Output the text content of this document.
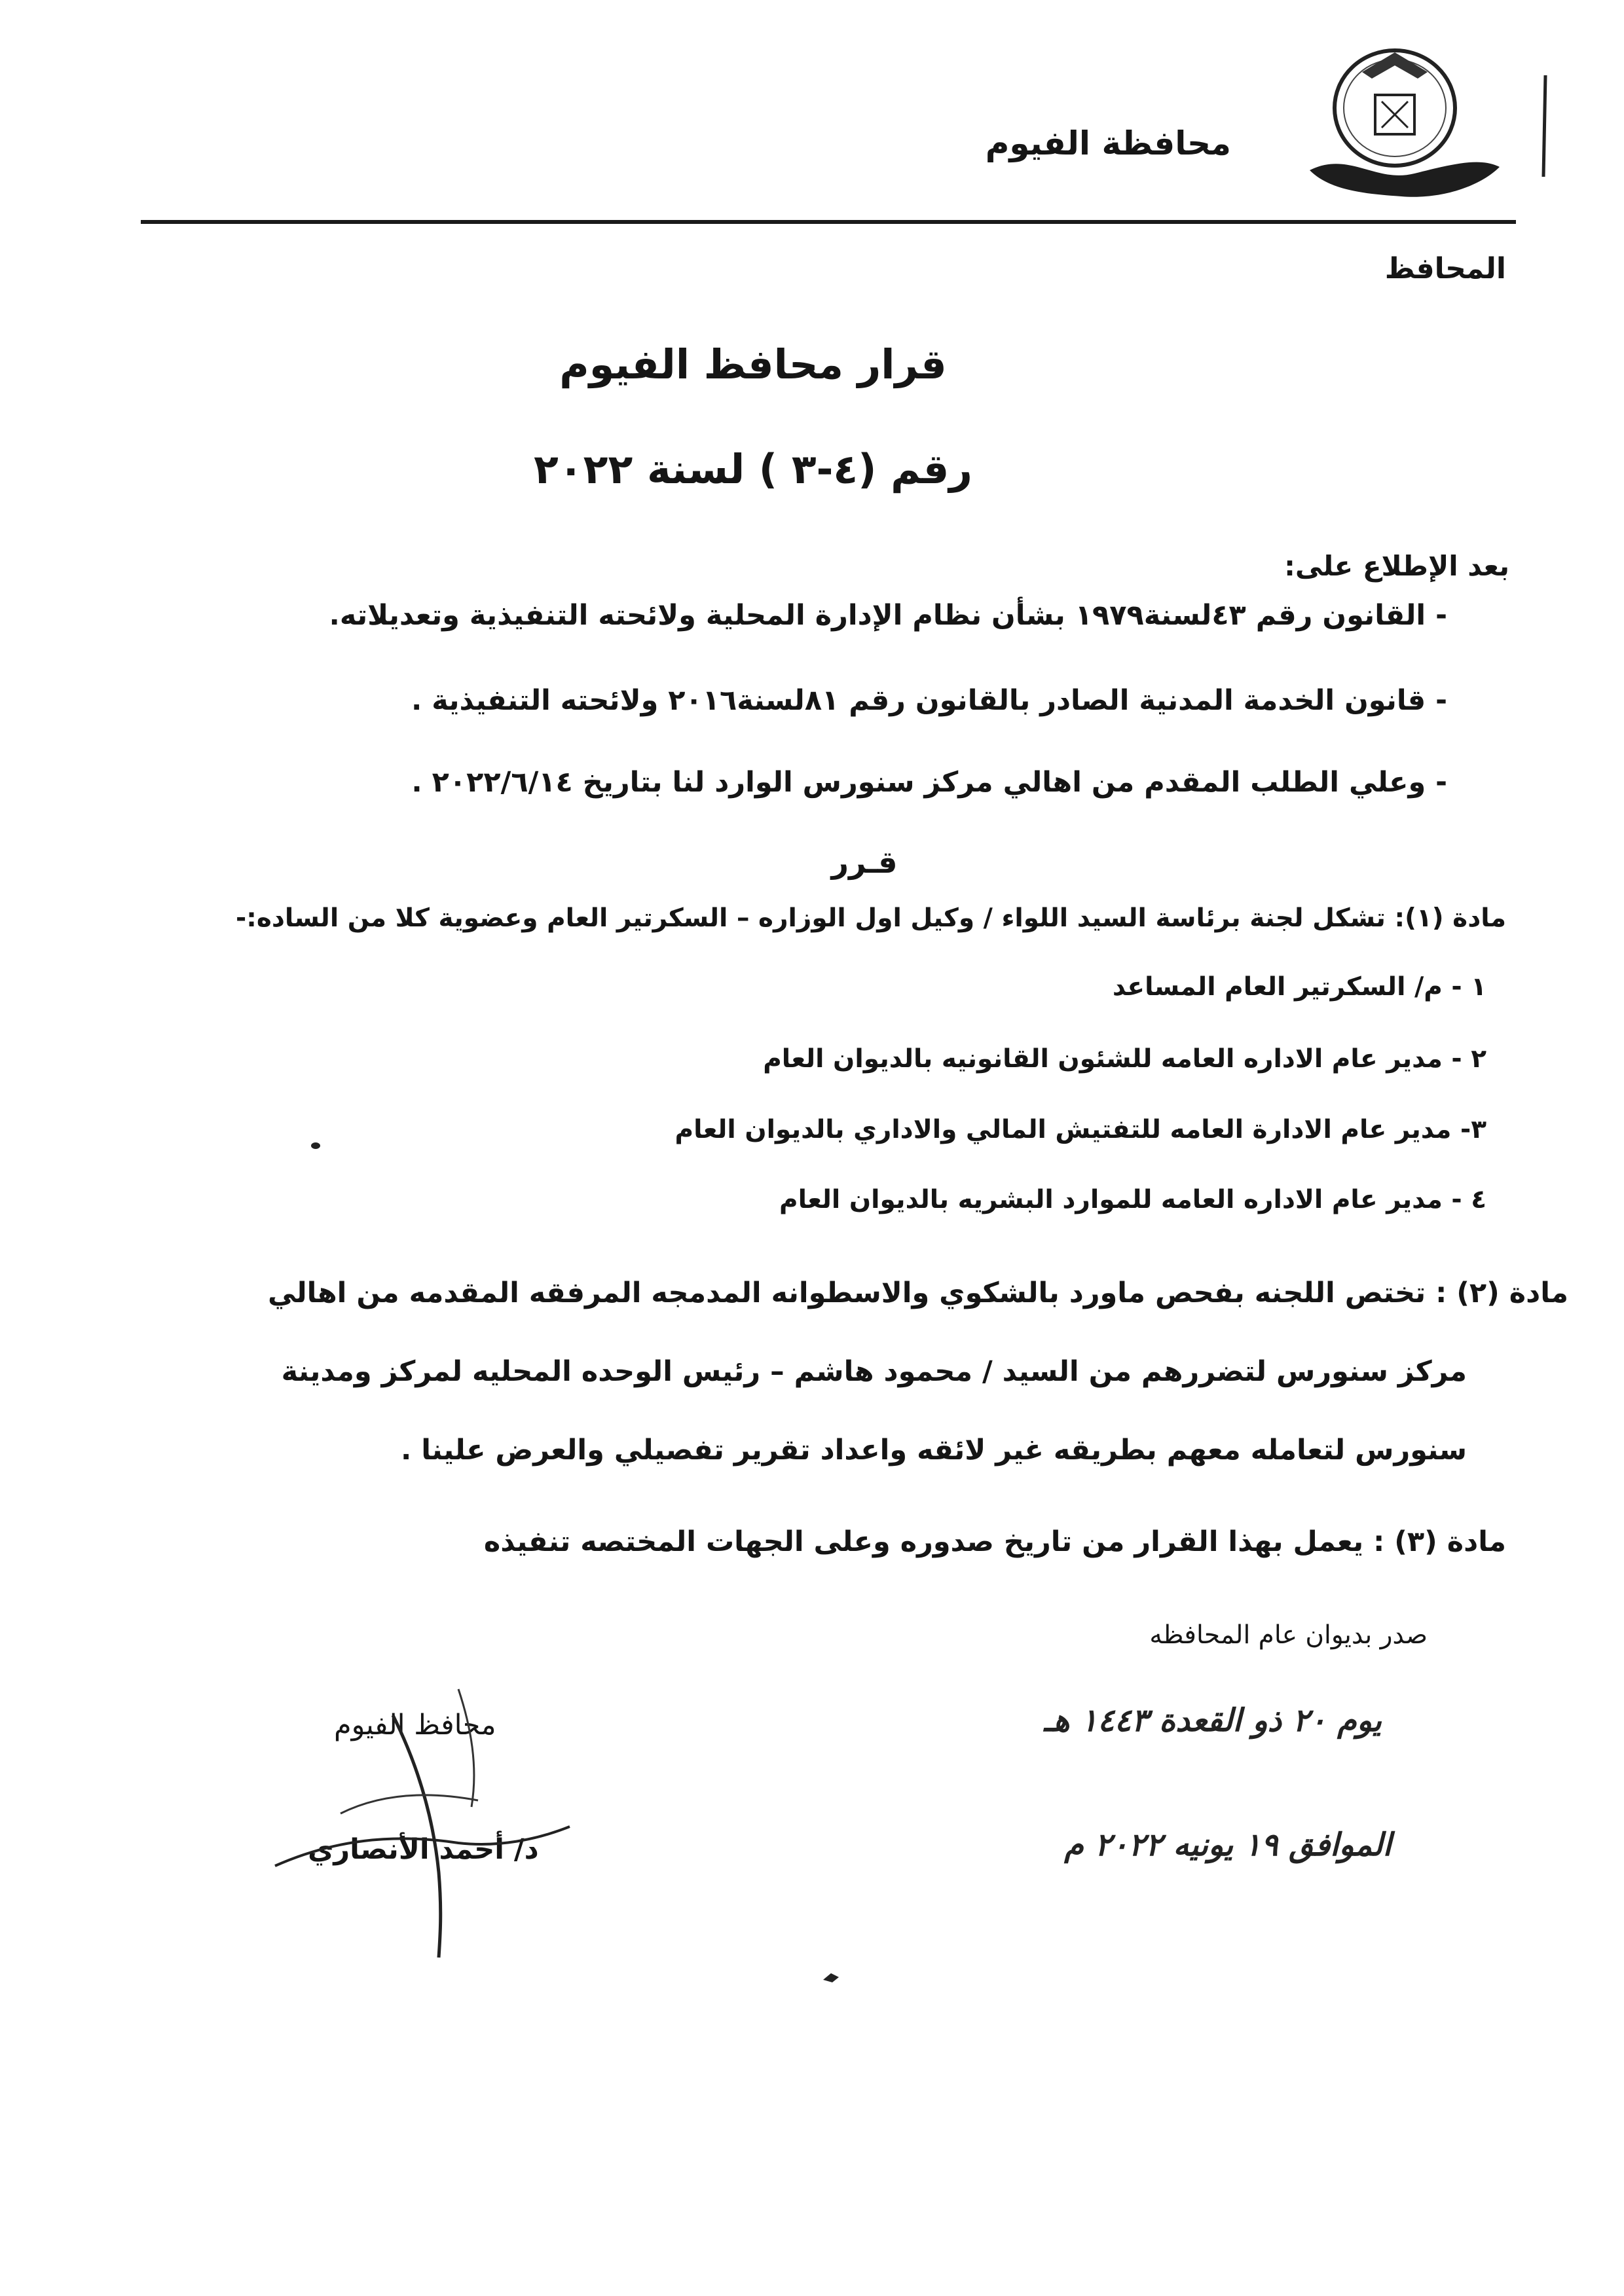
محافظة الفيوم
المحافظ
قرار محافظ الفيوم
رقم (٤-٣ ) لسنة ٢٠٢٢
بعد الإطلاع على:
- القانون رقم ٤٣لسنة١٩٧٩ بشأن نظام الإدارة المحلية ولائحته التنفيذية وتعديلاته.
- قانون الخدمة المدنية الصادر بالقانون رقم ٨١لسنة٢٠١٦ ولائحته التنفيذية .
- وعلي الطلب المقدم من اهالي مركز سنورس الوارد لنا بتاريخ ٢٠٢٢/٦/١٤ .
قـرر
مادة (١): تشكل لجنة برئاسة السيد اللواء / وكيل اول الوزاره – السكرتير العام وعضوية كلا من الساده:-
١ - م/ السكرتير العام المساعد
٢ - مدير عام الاداره العامه للشئون القانونيه بالديوان العام
٣- مدير عام الادارة العامه للتفتيش المالي والاداري بالديوان العام
٤ - مدير عام الاداره العامه للموارد البشريه بالديوان العام
مادة (٢) : تختص اللجنه بفحص ماورد بالشكوي والاسطوانه المدمجه المرفقه المقدمه من اهالي
مركز سنورس لتضررهم من السيد / محمود هاشم – رئيس الوحده المحليه لمركز ومدينة
سنورس لتعامله معهم بطريقه غير لائقه واعداد تقرير تفصيلي والعرض علينا .
مادة (٣) : يعمل بهذا القرار من تاريخ صدوره وعلى الجهات المختصه تنفيذه
صدر بديوان عام المحافظه
يوم ٢٠ ذو القعدة ١٤٤٣ هـ
الموافق ١٩ يونيه ٢٠٢٢ م
محافظ الفيوم
د/ أحمد الأنصاري
